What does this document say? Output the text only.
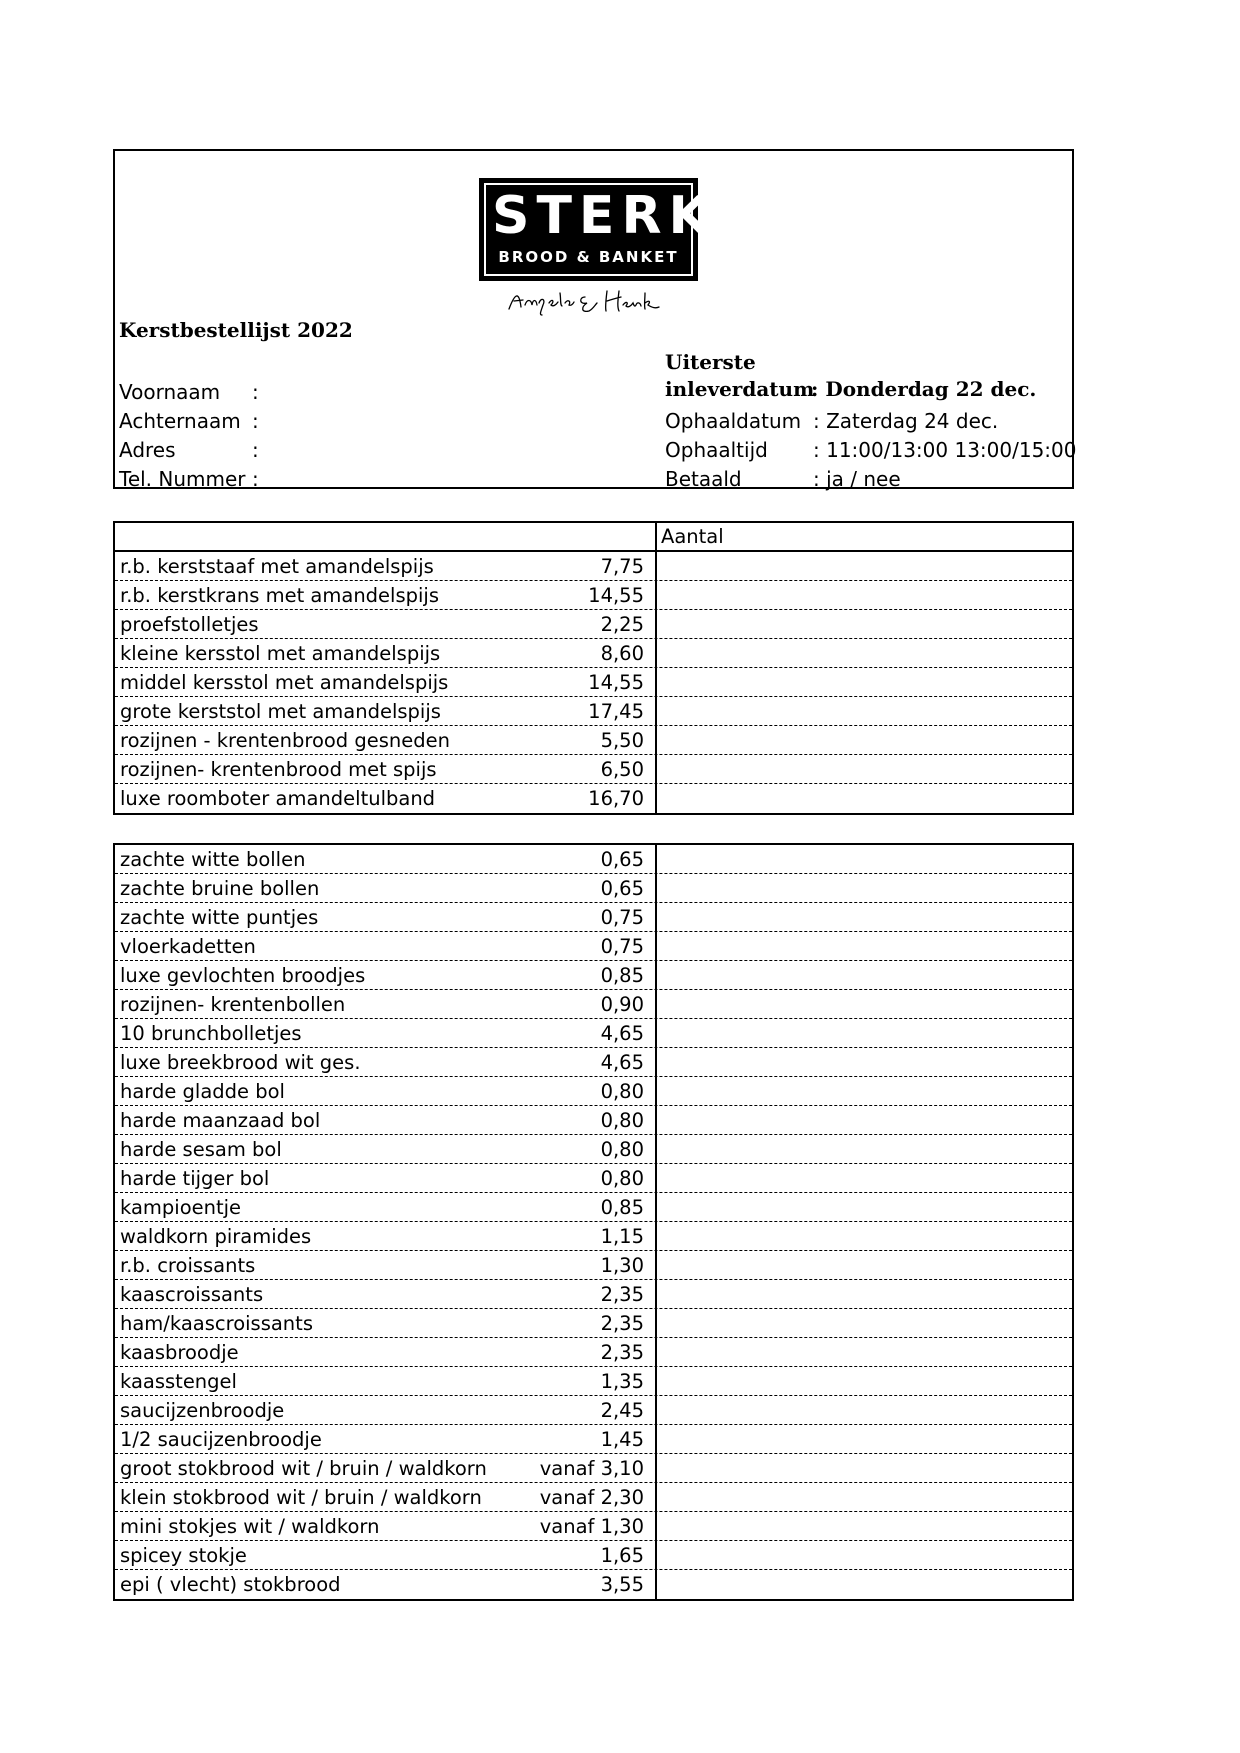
STERK
BROOD & BANKET
Kerstbestellijst 2022
Voornaam :
Achternaam :
Adres	:
Tel. Nummer :
Uiterste
inleverdatum
: Donderdag 22 dec.
Ophaaldatum : Zaterdag 24 dec.
Ophaaltijd : 11:00/13:00 13:00/15:00
Betaald	: ja / nee
Aantal
r.b. kerststaaf met amandelspijs	7,75
r.b. kerstkrans met amandelspijs	14,55
proefstolletjes	2,25
kleine kersstol met amandelspijs	8,60
middel kersstol met amandelspijs	14,55
grote kerststol met amandelspijs	17,45
rozijnen - krentenbrood gesneden	5,50
rozijnen- krentenbrood met spijs	6,50
luxe roomboter amandeltulband	16,70
zachte witte bollen	0,65
zachte bruine bollen	0,65
zachte witte puntjes	0,75
vloerkadetten	0,75
luxe gevlochten broodjes	0,85
rozijnen- krentenbollen	0,90
10 brunchbolletjes	4,65
luxe breekbrood wit ges.	4,65
harde gladde bol	0,80
harde maanzaad bol	0,80
harde sesam bol	0,80
harde tijger bol	0,80
kampioentje	0,85
waldkorn piramides	1,15
r.b. croissants	1,30
kaascroissants	2,35
ham/kaascroissants	2,35
kaasbroodje	2,35
kaasstengel	1,35
saucijzenbroodje	2,45
1/2 saucijzenbroodje	1,45
groot stokbrood wit / bruin / waldkorn	vanaf 3,10
klein stokbrood wit / bruin / waldkorn	vanaf 2,30
mini stokjes wit / waldkorn	vanaf 1,30
spicey stokje	1,65
epi ( vlecht) stokbrood	3,55
